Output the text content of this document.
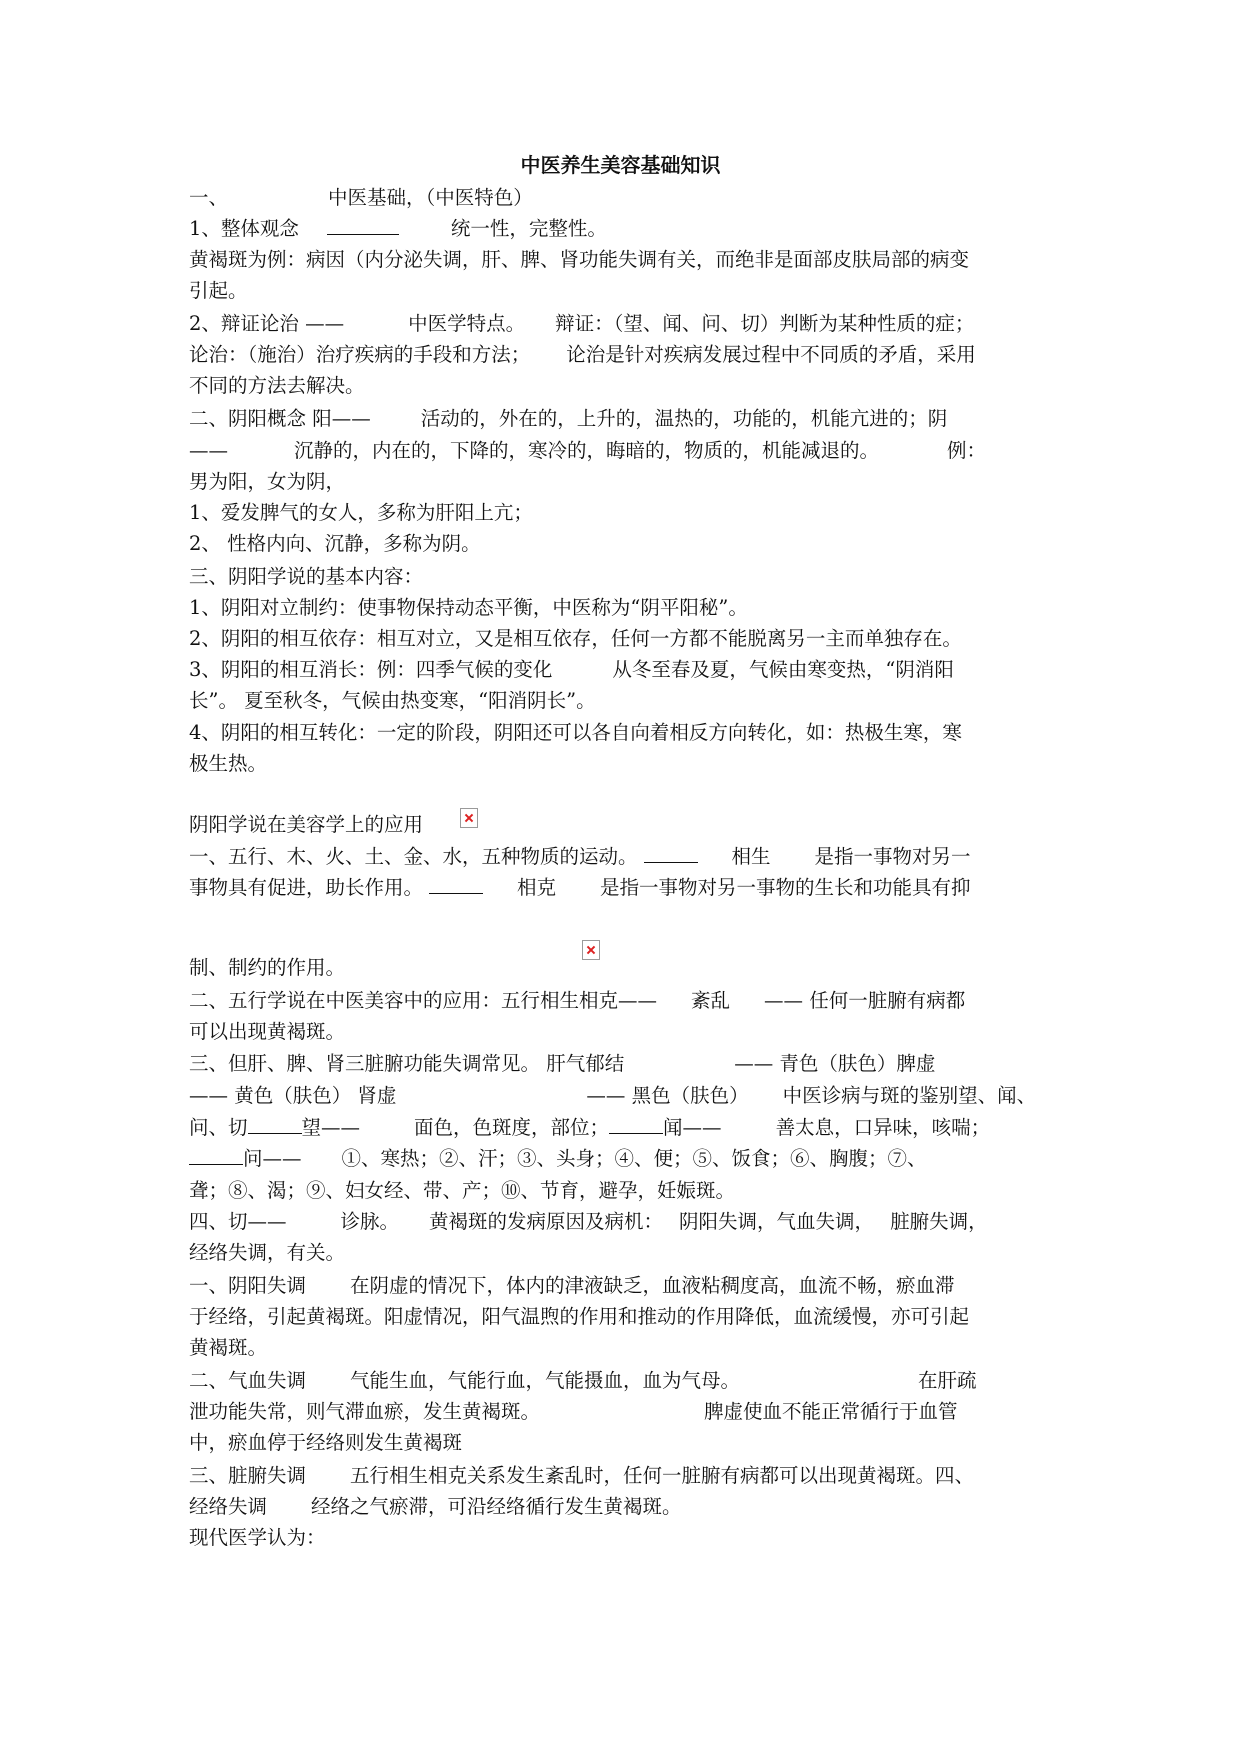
中医养生美容基础知识
一、	中医基础，（中医特色）
1、整体观念	统一性，完整性。
黄褐斑为例：病因（内分泌失调，肝、脾、肾功能失调有关，而绝非是面部皮肤局部的病变
引起。
2、辩证论治 ——	中医学特点。 辩证：（望、闻、问、切）判断为某种性质的症；
论治：（施治）治疗疾病的手段和方法； 论治是针对疾病发展过程中不同质的矛盾，采用
不同的方法去解决。
二、阴阳概念 阳——	活动的，外在的，上升的，温热的，功能的，机能亢进的；阴
——	沉静的，内在的，下降的，寒冷的，晦暗的，物质的，机能减退的。	例：
男为阳，女为阴，
1、爱发脾气的女人，多称为肝阳上亢；
2、 性格内向、沉静，多称为阴。
三、阴阳学说的基本内容：
1、阴阳对立制约：使事物保持动态平衡，中医称为“阴平阳秘”。
2、阴阳的相互依存：相互对立，又是相互依存，任何一方都不能脱离另一主而单独存在。
3、阴阳的相互消长：例：四季气候的变化	从冬至春及夏，气候由寒变热，“阴消阳
长”。 夏至秋冬，气候由热变寒，“阳消阴长”。
4、阴阳的相互转化：一定的阶段，阴阳还可以各自向着相反方向转化，如：热极生寒，寒
极生热。
阴阳学说在美容学上的应用
一、五行、木、火、土、金、水，五种物质的运动。	相生 是指一事物对另一
事物具有促进，助长作用。	相克 是指一事物对另一事物的生长和功能具有抑
制、制约的作用。
二、五行学说在中医美容中的应用：五行相生相克—— 紊乱 —— 任何一脏腑有病都
可以出现黄褐斑。
三、但肝、脾、肾三脏腑功能失调常见。 肝气郁结	—— 青色（肤色）脾虚
—— 黄色（肤色） 肾虚	—— 黑色（肤色） 中医诊病与斑的鉴别望、闻、
问、切	望——	面色，色斑度，部位；	闻——	善太息，口异味，咳喘；
问—— ①、寒热；②、汗；③、头身；④、便；⑤、饭食；⑥、胸腹；⑦、
聋；⑧、渴；⑨、妇女经、带、产；⑩、节育，避孕，妊娠斑。
四、切——	诊脉。 黄褐斑的发病原因及病机： 阴阳失调，气血失调， 脏腑失调，
经络失调，有关。
一、阴阳失调 在阴虚的情况下，体内的津液缺乏，血液粘稠度高，血流不畅，瘀血滞
于经络，引起黄褐斑。阳虚情况，阳气温煦的作用和推动的作用降低，血流缓慢，亦可引起
黄褐斑。
二、气血失调 气能生血，气能行血，气能摄血，血为气母。	在肝疏
泄功能失常，则气滞血瘀，发生黄褐斑。	脾虚使血不能正常循行于血管
中，瘀血停于经络则发生黄褐斑
三、脏腑失调 五行相生相克关系发生紊乱时，任何一脏腑有病都可以出现黄褐斑。四、
经络失调 经络之气瘀滞，可沿经络循行发生黄褐斑。
现代医学认为：
